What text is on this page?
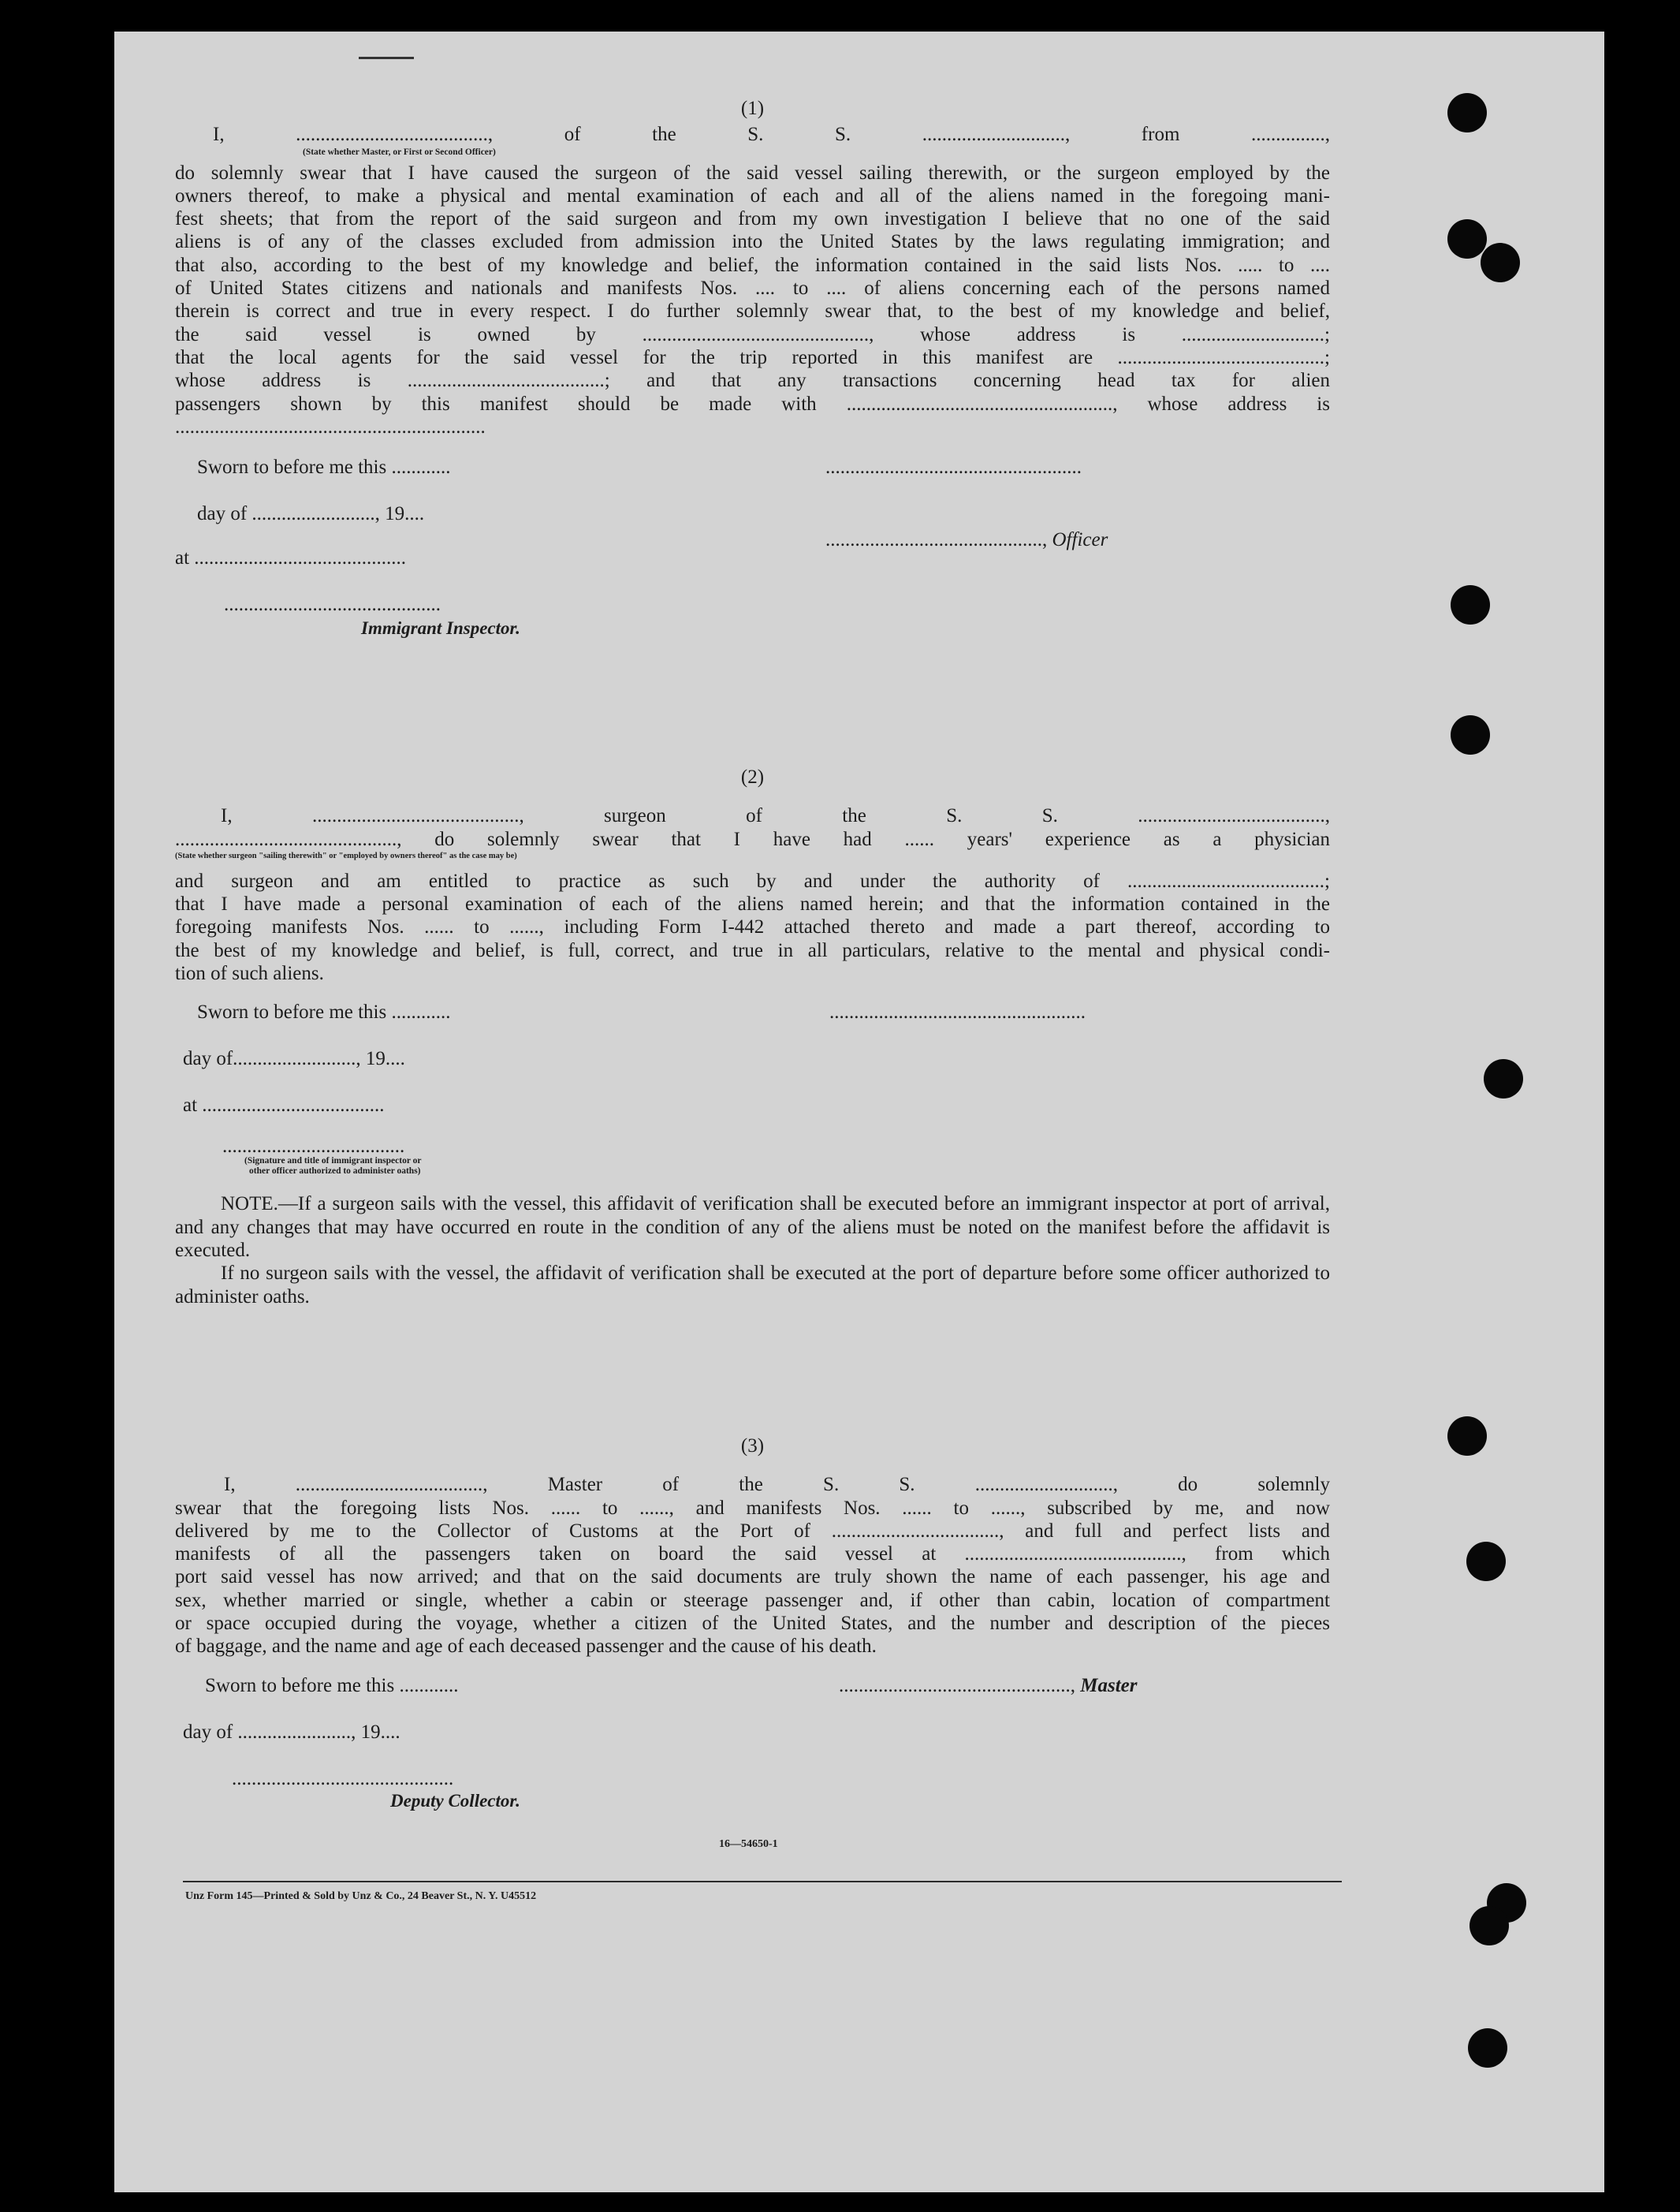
(1)
I, ......................................., of the S. S. ............................., from ...............,
(State whether Master, or First or Second Officer)
do solemnly swear that I have caused the surgeon of the said vessel sailing therewith, or the surgeon employed by the
owners thereof, to make a physical and mental examination of each and all of the aliens named in the foregoing mani-
fest sheets; that from the report of the said surgeon and from my own investigation I believe that no one of the said
aliens is of any of the classes excluded from admission into the United States by the laws regulating immigration; and
that also, according to the best of my knowledge and belief, the information contained in the said lists Nos. ..... to ....
of United States citizens and nationals and manifests Nos. .... to .... of aliens concerning each of the persons named
therein is correct and true in every respect. I do further solemnly swear that, to the best of my knowledge and belief,
the said vessel is owned by .............................................., whose address is .............................;
that the local agents for the said vessel for the trip reported in this manifest are ..........................................;
whose address is ........................................; and that any transactions concerning head tax for alien
passengers shown by this manifest should be made with ......................................................, whose address is
...............................................................
Sworn to before me this ............	....................................................
day of ........................., 19....
............................................, Officer
at ...........................................
............................................
Immigrant Inspector.
(2)
I, .........................................., surgeon of the S. S. ......................................,
............................................., do solemnly swear that I have had ...... years' experience as a physician
(State whether surgeon "sailing therewith" or "employed by owners thereof" as the case may be)
and surgeon and am entitled to practice as such by and under the authority of ........................................;
that I have made a personal examination of each of the aliens named herein; and that the information contained in the
foregoing manifests Nos. ...... to ......, including Form I-442 attached thereto and made a part thereof, according to
the best of my knowledge and belief, is full, correct, and true in all particulars, relative to the mental and physical condi-
tion of such aliens.
Sworn to before me this ............	....................................................
day of........................., 19....
at .....................................
.....................................
(Signature and title of immigrant inspector or
other officer authorized to administer oaths)

NOTE.—If a surgeon sails with the vessel, this affidavit of verification shall be executed before an immigrant inspector at port of arrival, and any changes that may have occurred en route in the condition of any of the aliens must be noted on the manifest before the affidavit is executed.

If no surgeon sails with the vessel, the affidavit of verification shall be executed at the port of departure before some officer authorized to administer oaths.

(3)
I, ......................................, Master of the S. S. ............................, do solemnly
swear that the foregoing lists Nos. ...... to ......, and manifests Nos. ...... to ......, subscribed by me, and now
delivered by me to the Collector of Customs at the Port of .................................., and full and perfect lists and
manifests of all the passengers taken on board the said vessel at ............................................, from which
port said vessel has now arrived; and that on the said documents are truly shown the name of each passenger, his age and
sex, whether married or single, whether a cabin or steerage passenger and, if other than cabin, location of compartment
or space occupied during the voyage, whether a citizen of the United States, and the number and description of the pieces
of baggage, and the name and age of each deceased passenger and the cause of his death.
Sworn to before me this ............	..............................................., Master
day of ......................., 19....
.............................................
Deputy Collector.
16—54650-1
Unz Form 145—Printed & Sold by Unz & Co., 24 Beaver St., N. Y. U45512
